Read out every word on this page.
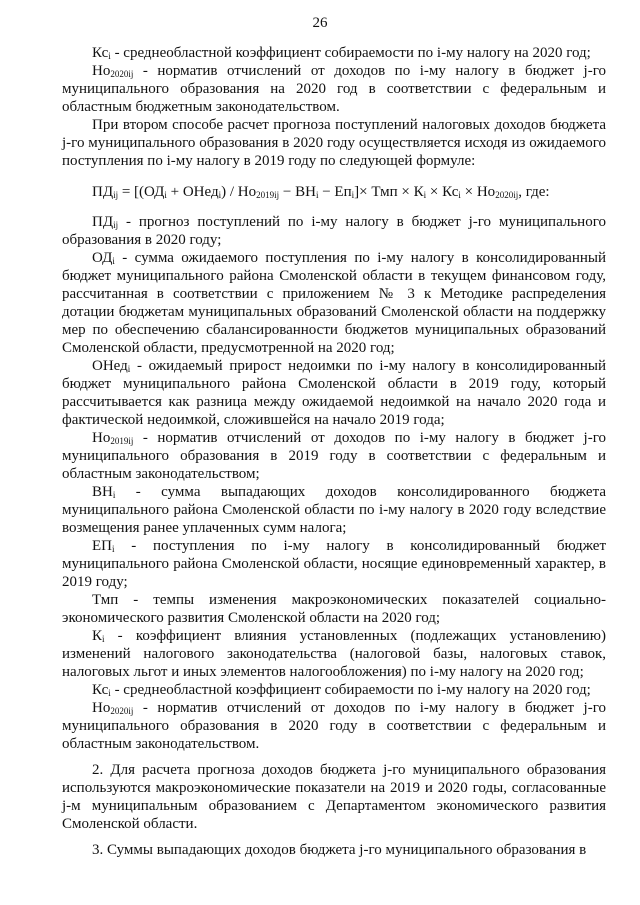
26

$Кс_i$ - среднеобластной коэффициент собираемости по i-му налогу на 2020 год;

$Но_{2020ij}$ - норматив отчислений от доходов по i-му налогу в бюджет j-го муниципального образования на 2020 год в соответствии с федеральным и областным бюджетным законодательством.

При втором способе расчет прогноза поступлений налоговых доходов бюджета j-го муниципального образования в 2020 году осуществляется исходя из ожидаемого поступления по i-му налогу в 2019 году по следующей формуле:

$ПД_{ij} = [(ОД_i$ + ОНед$_i$) / $Но_{2019ij} - ВН_i - Еп_i]\times$ Тмп × $К_i \times Кс_i \times Но_{2020ij}$, где:

$ПД_{ij}$ - прогноз поступлений по i-му налогу в бюджет j-го муниципального образования в 2020 году;

$ОД_i$ - сумма ожидаемого поступления по i-му налогу в консолидированный бюджет муниципального района Смоленской области в текущем финансовом году, рассчитанная в соответствии с приложением № 3 к Методике распределения дотации бюджетам муниципальных образований Смоленской области на поддержку мер по обеспечению сбалансированности бюджетов муниципальных образований Смоленской области, предусмотренной на 2020 год;

ОНед$_i$ - ожидаемый прирост недоимки по i-му налогу в консолидированный бюджет муниципального района Смоленской области в 2019 году, который рассчитывается как разница между ожидаемой недоимкой на начало 2020 года и фактической недоимкой, сложившейся на начало 2019 года;

$Но_{2019ij}$ - норматив отчислений от доходов по i-му налогу в бюджет j-го муниципального образования в 2019 году в соответствии с федеральным и областным законодательством;

$ВН_i$ - сумма выпадающих доходов консолидированного бюджета муниципального района Смоленской области по i-му налогу в 2020 году вследствие возмещения ранее уплаченных сумм налога;

$ЕП_i$ - поступления по i-му налогу в консолидированный бюджет муниципального района Смоленской области, носящие единовременный характер, в 2019 году;

Тмп - темпы изменения макроэкономических показателей социально-экономического развития Смоленской области на 2020 год;

$К_i$ - коэффициент влияния установленных (подлежащих установлению) изменений налогового законодательства (налоговой базы, налоговых ставок, налоговых льгот и иных элементов налогообложения) по i-му налогу на 2020 год;

$Кс_i$ - среднеобластной коэффициент собираемости по i-му налогу на 2020 год;

$Но_{2020ij}$ - норматив отчислений от доходов по i-му налогу в бюджет j-го муниципального образования в 2020 году в соответствии с федеральным и областным законодательством.

2. Для расчета прогноза доходов бюджета j-го муниципального образования используются макроэкономические показатели на 2019 и 2020 годы, согласованные j-м муниципальным образованием с Департаментом экономического развития Смоленской области.

3. Суммы выпадающих доходов бюджета j-го муниципального образования в
